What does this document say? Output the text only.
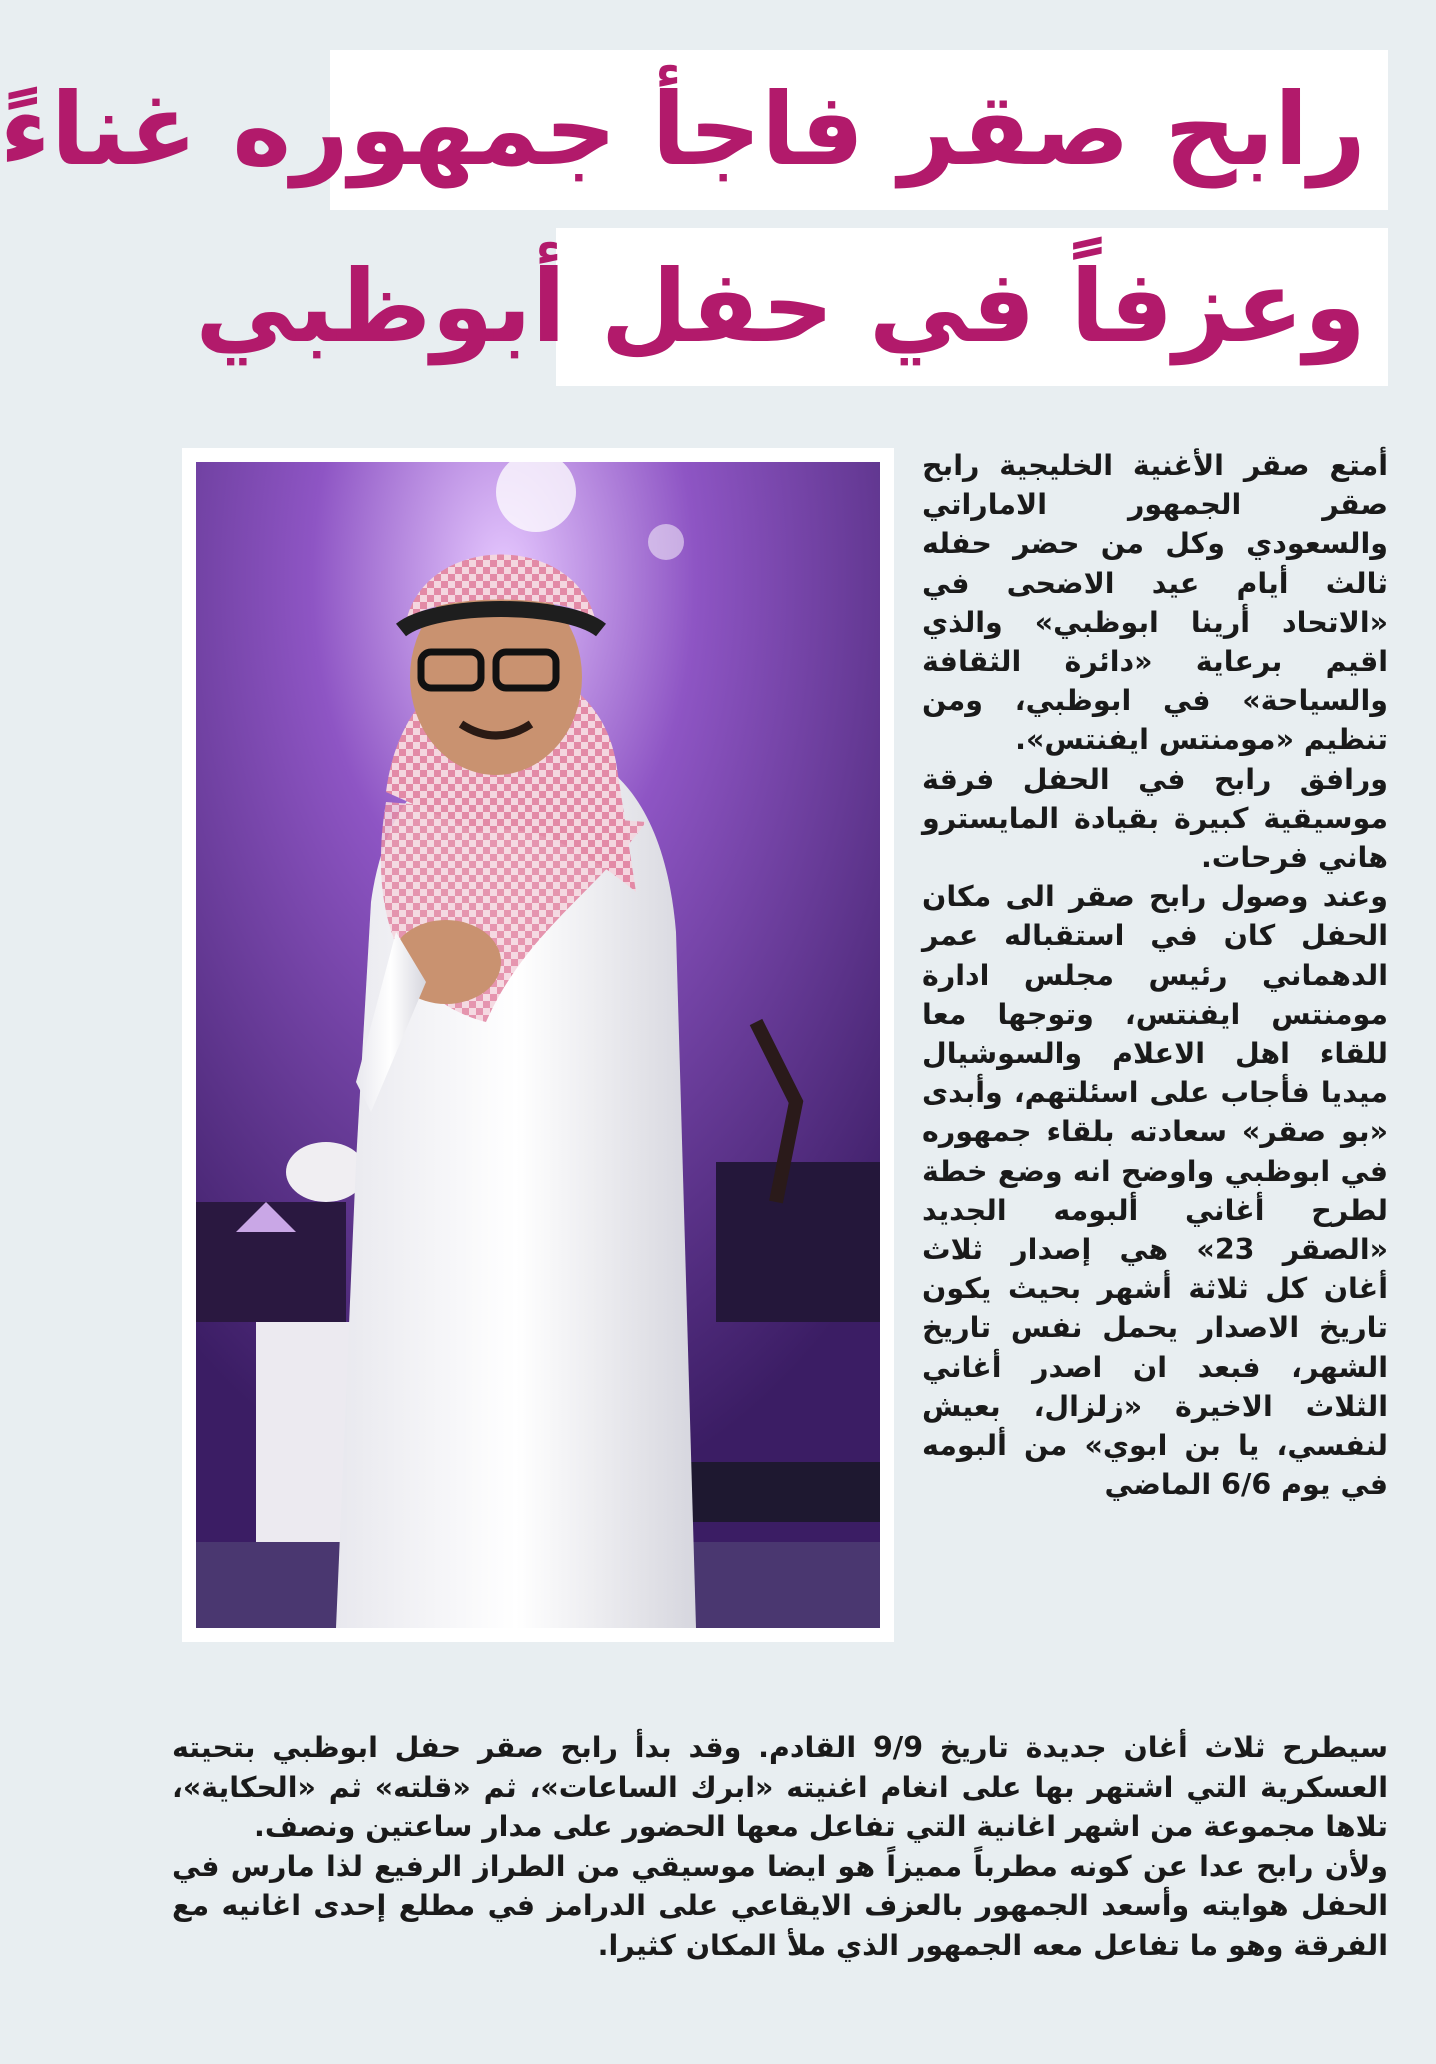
رابح صقر فاجأ جمهوره غناءً
وعزفاً في حفل أبوظبي

أمتع صقر الأغنية الخليجية رابح صقر الجمهور الاماراتي والسعودي وكل من حضر حفله ثالث أيام عيد الاضحى في «الاتحاد أرينا ابوظبي» والذي اقيم برعاية «دائرة الثقافة والسياحة» في ابوظبي، ومن تنظيم «مومنتس ايفنتس».

ورافق رابح في الحفل فرقة موسيقية كبيرة بقيادة المايسترو هاني فرحات.

وعند وصول رابح صقر الى مكان الحفل كان في استقباله عمر الدهماني رئيس مجلس ادارة مومنتس ايفنتس، وتوجها معا للقاء اهل الاعلام والسوشيال ميديا فأجاب على اسئلتهم، وأبدى «بو صقر» سعادته بلقاء جمهوره في ابوظبي واوضح انه وضع خطة لطرح أغاني ألبومه الجديد «الصقر 23» هي إصدار ثلاث أغان كل ثلاثة أشهر بحيث يكون تاريخ الاصدار يحمل نفس تاريخ الشهر، فبعد ان اصدر أغاني الثلاث الاخيرة «زلزال، بعيش لنفسي، يا بن ابوي» من ألبومه في يوم 6/6 الماضي

سيطرح ثلاث أغان جديدة تاريخ 9/9 القادم. وقد بدأ رابح صقر حفل ابوظبي بتحيته العسكرية التي اشتهر بها على انغام اغنيته «ابرك الساعات»، ثم «قلته» ثم «الحكاية»، تلاها مجموعة من اشهر اغانية التي تفاعل معها الحضور على مدار ساعتين ونصف.

ولأن رابح عدا عن كونه مطرباً مميزاً هو ايضا موسيقي من الطراز الرفيع لذا مارس في الحفل هوايته وأسعد الجمهور بالعزف الايقاعي على الدرامز في مطلع إحدى اغانيه مع الفرقة وهو ما تفاعل معه الجمهور الذي ملأ المكان كثيرا.
